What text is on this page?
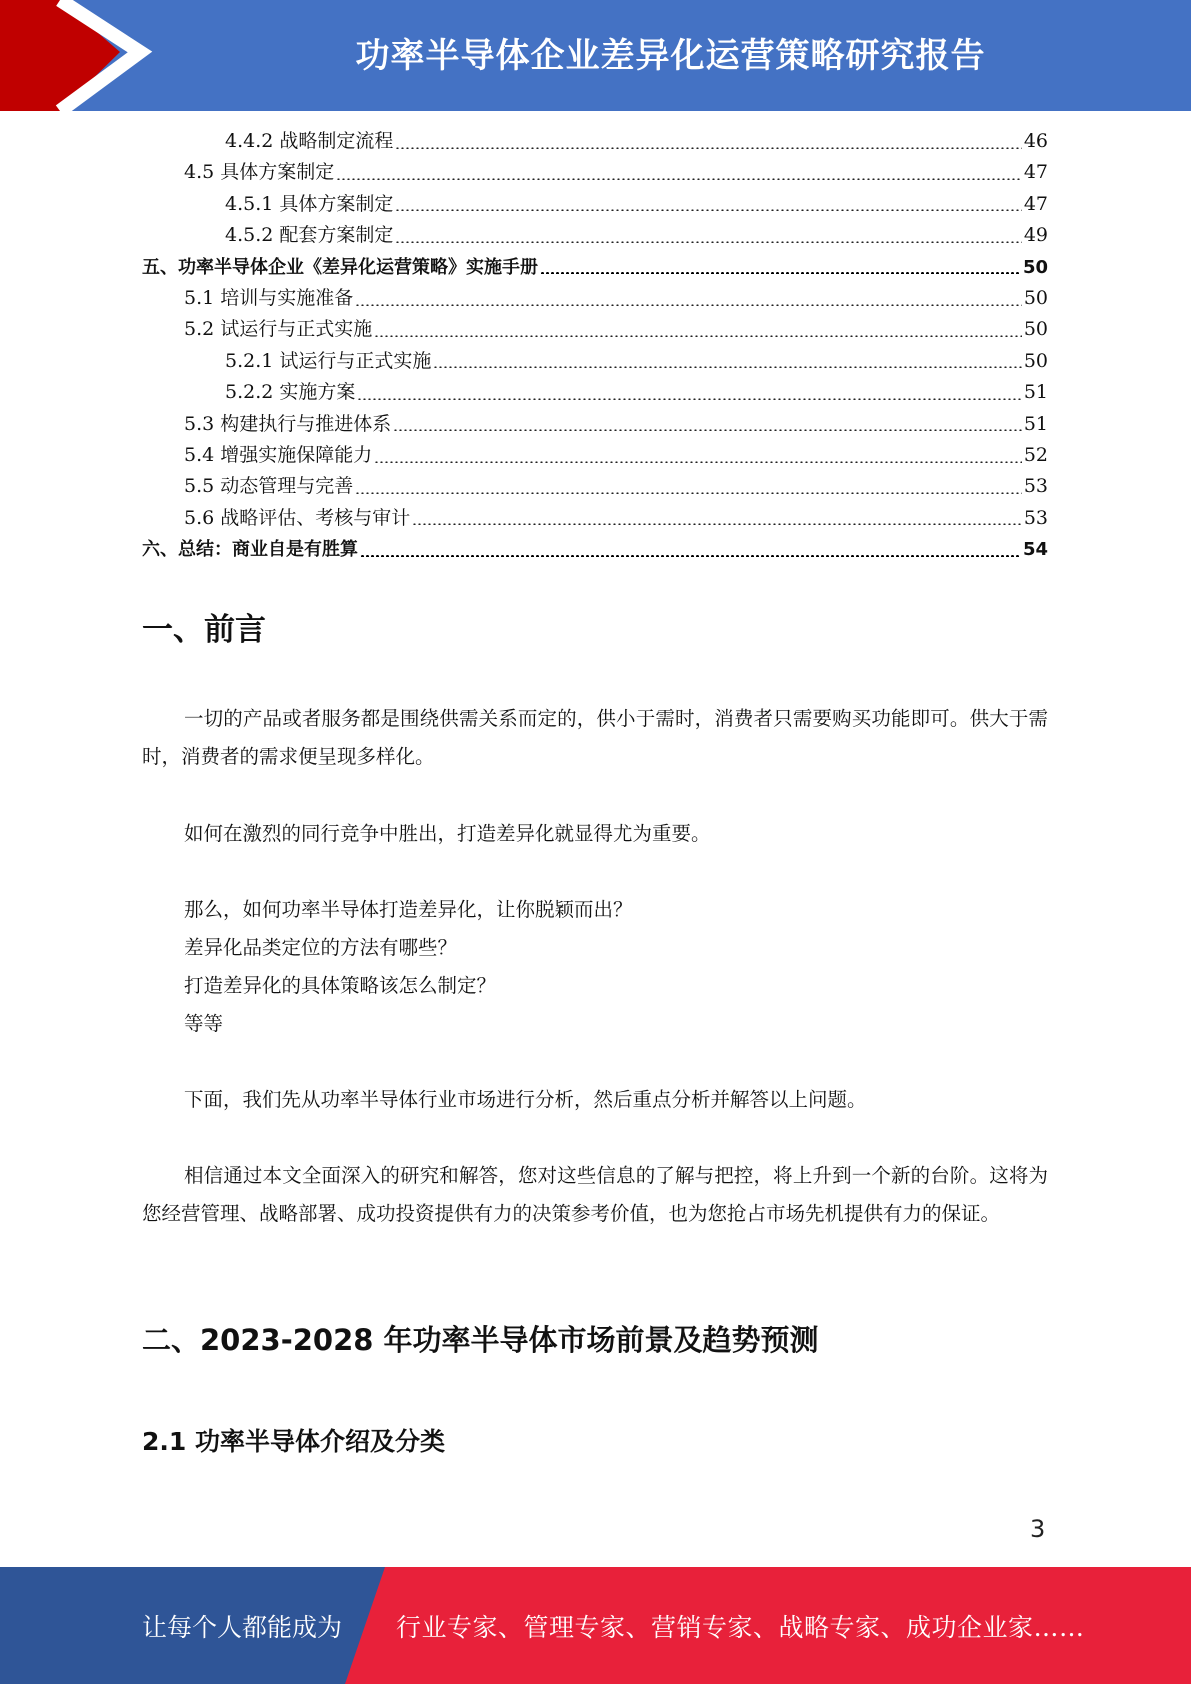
功率半导体企业差异化运营策略研究报告
4.4.2 战略制定流程	46
4.5 具体方案制定	47
4.5.1 具体方案制定	47
4.5.2 配套方案制定	49
五、功率半导体企业《差异化运营策略》实施手册	50
5.1 培训与实施准备	50
5.2 试运行与正式实施	50
5.2.1 试运行与正式实施	50
5.2.2 实施方案	51
5.3 构建执行与推进体系	51
5.4 增强实施保障能力	52
5.5 动态管理与完善	53
5.6 战略评估、考核与审计	53
六、总结：商业自是有胜算	54
一、前言

一切的产品或者服务都是围绕供需关系而定的，供小于需时，消费者只需要购买功能即可。供大于需时，消费者的需求便呈现多样化。

如何在激烈的同行竞争中胜出，打造差异化就显得尤为重要。

那么，如何功率半导体打造差异化，让你脱颖而出？

差异化品类定位的方法有哪些？

打造差异化的具体策略该怎么制定？

等等

下面，我们先从功率半导体行业市场进行分析，然后重点分析并解答以上问题。

相信通过本文全面深入的研究和解答，您对这些信息的了解与把控，将上升到一个新的台阶。这将为您经营管理、战略部署、成功投资提供有力的决策参考价值，也为您抢占市场先机提供有力的保证。

二、2023-2028 年功率半导体市场前景及趋势预测
2.1 功率半导体介绍及分类
3
让每个人都能成为 行业专家、管理专家、营销专家、战略专家、成功企业家……
